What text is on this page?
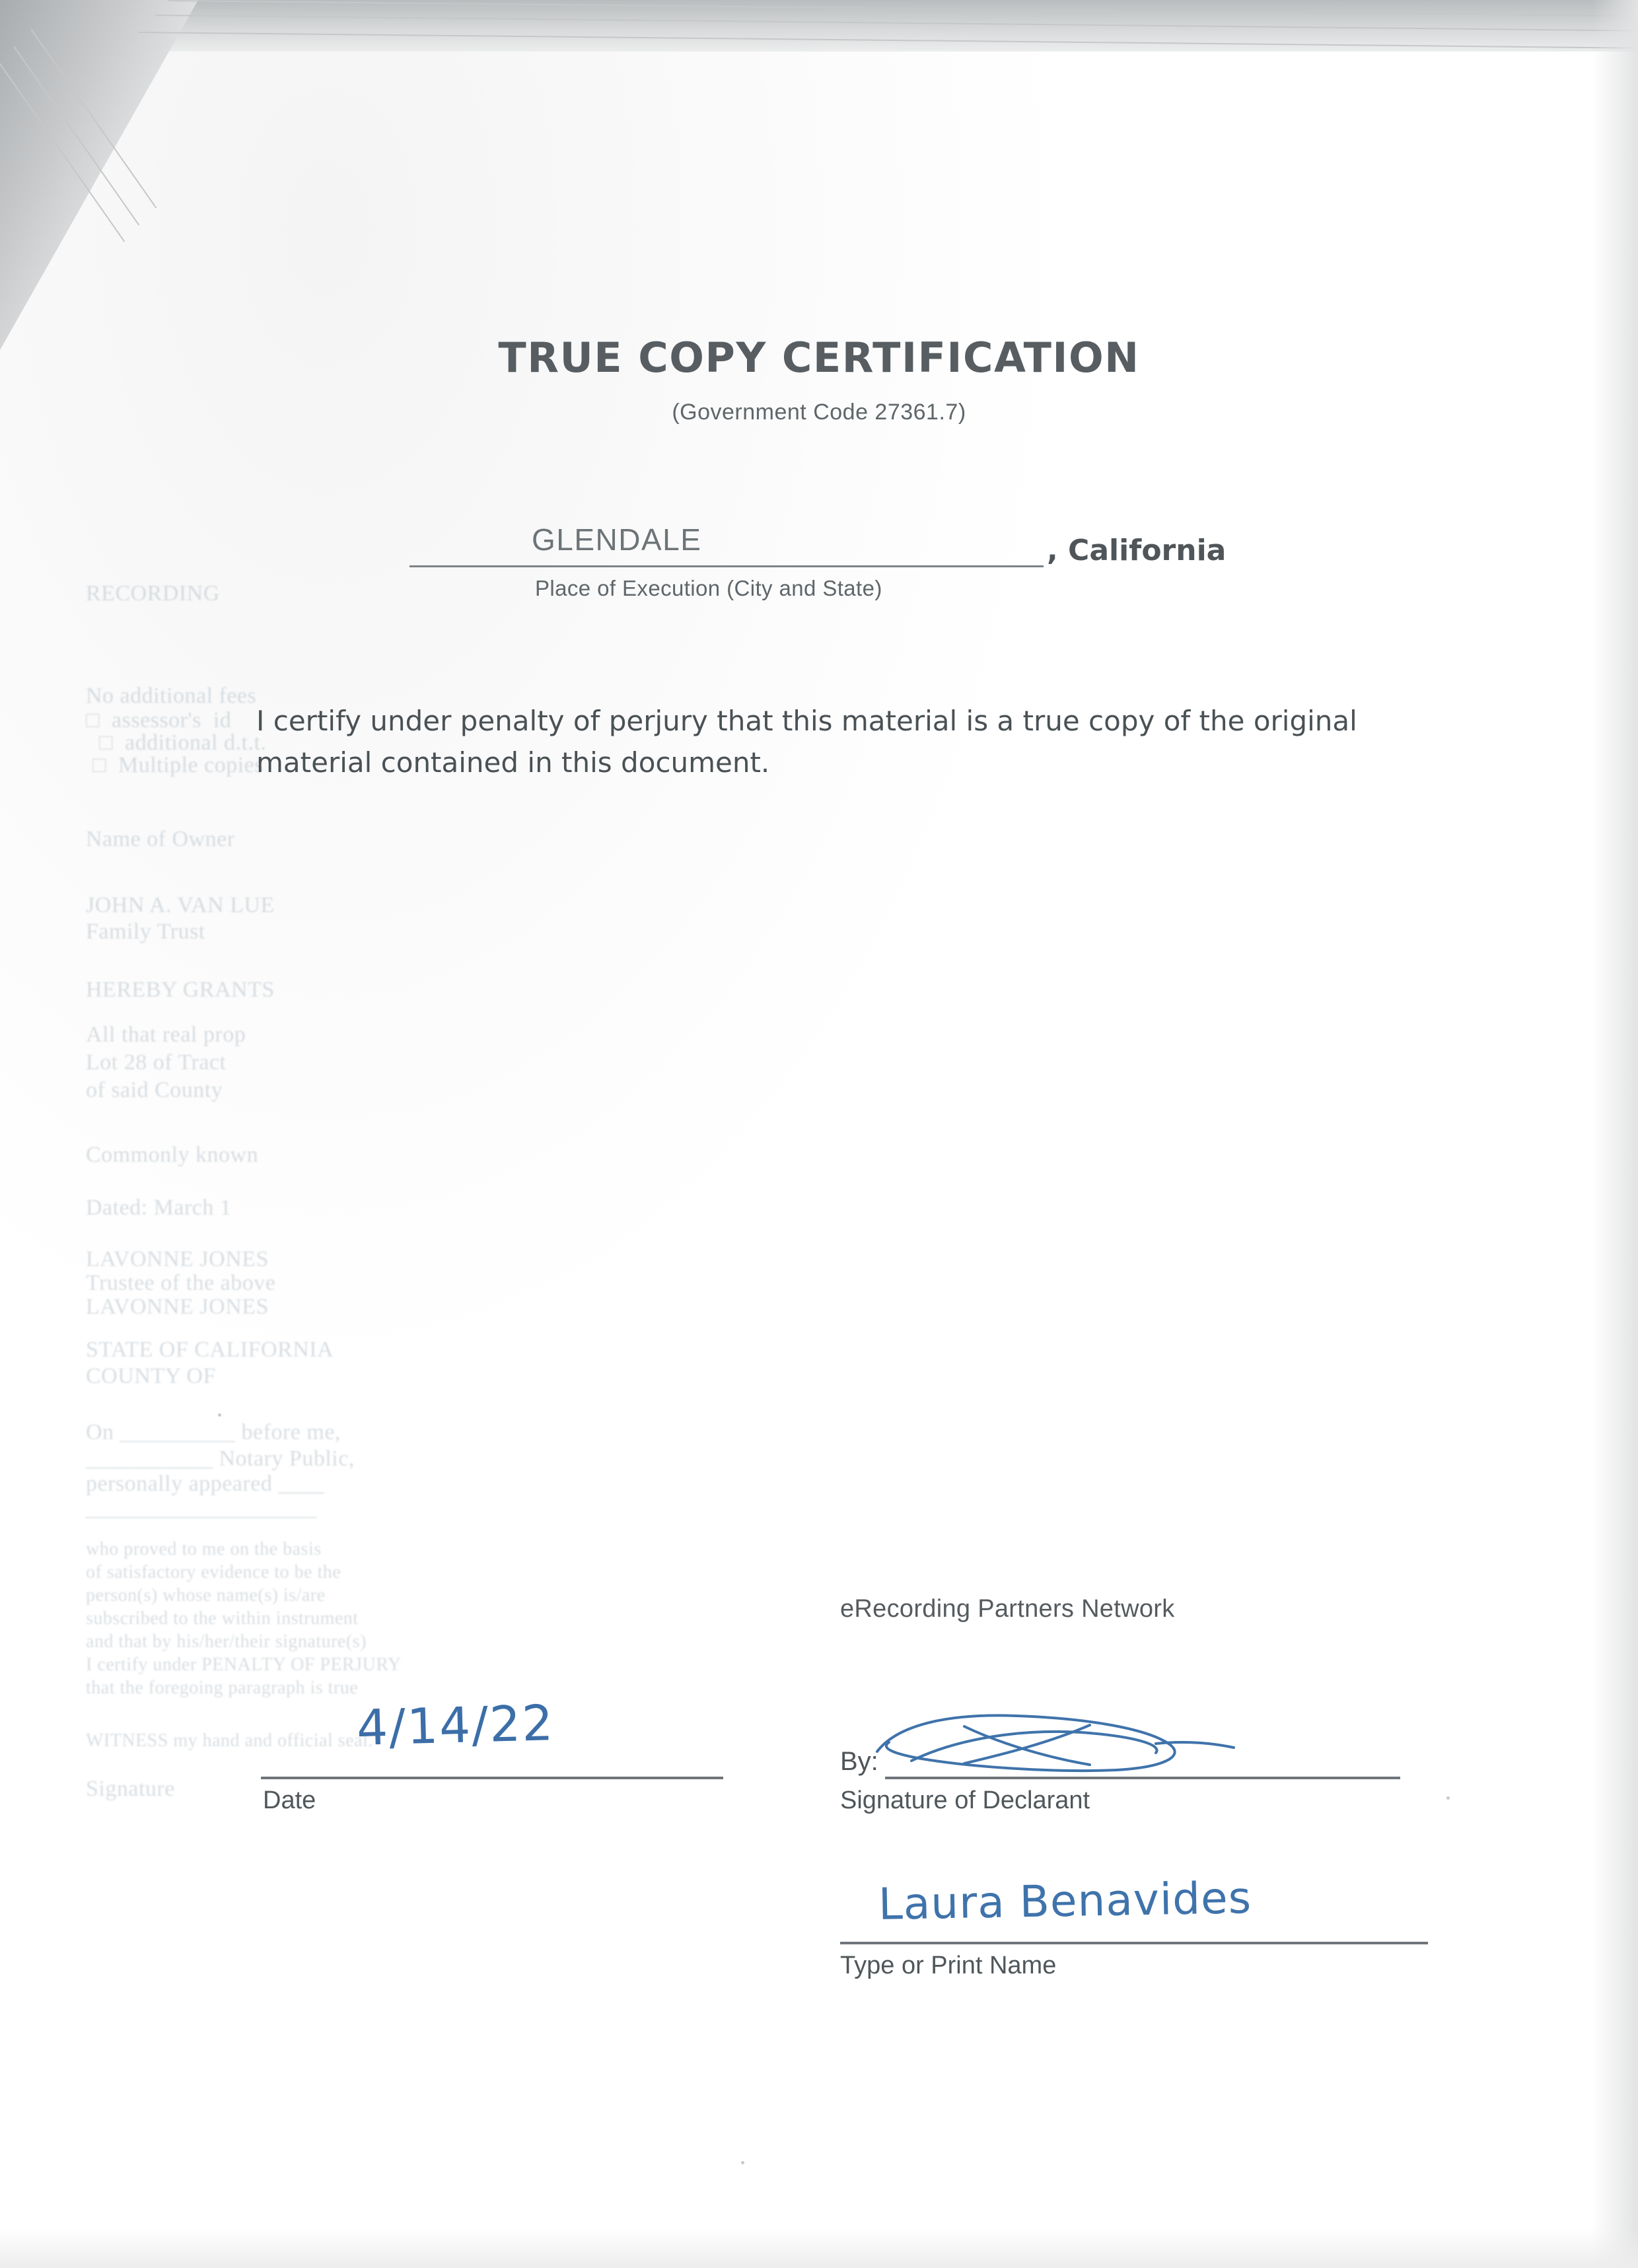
RECORDING
No additional fees
□  assessor's  id
□  additional d.t.t.
□  Multiple copies
Name of Owner
JOHN A. VAN LUE
Family Trust
HEREBY GRANTS
All that real prop
Lot 28 of Tract
of said County
Commonly known
Dated: March 1
LAVONNE JONES
Trustee of the above
LAVONNE JONES
STATE OF CALIFORNIA
COUNTY OF
On __________ before me,
___________ Notary Public,
personally appeared ____
____________________
who proved to me on the basis
of satisfactory evidence to be the
person(s) whose name(s) is/are
subscribed to the within instrument
and that by his/her/their signature(s)
I certify under PENALTY OF PERJURY
that the foregoing paragraph is true
WITNESS my hand and official seal.
Signature
TRUE COPY CERTIFICATION
(Government Code 27361.7)
GLENDALE	, California
Place of Execution (City and State)
I certify under penalty of perjury that this material is a true copy of the original material contained in this document.
eRecording Partners Network
4/14/22
Date
By:
Signature of Declarant
Laura Benavides
Type or Print Name
